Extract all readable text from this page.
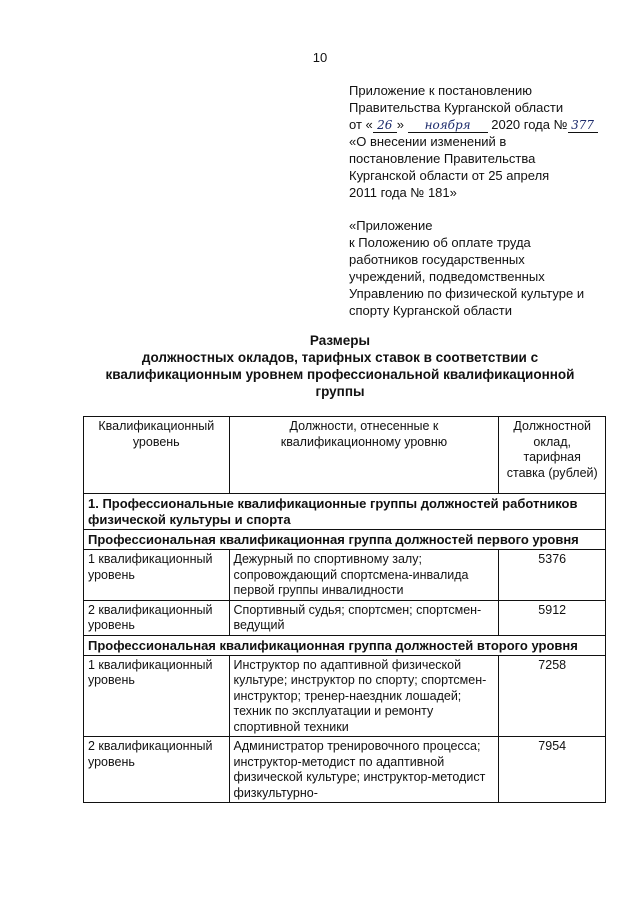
10
Приложение к постановлению
Правительства Курганской области
от « 26 » ноября 2020 года № 377
«О внесении изменений в
постановление Правительства
Курганской области от 25 апреля
2011 года № 181»
«Приложение
к Положению об оплате труда
работников государственных
учреждений, подведомственных
Управлению по физической культуре и
спорту Курганской области
Размеры
должностных окладов, тарифных ставок в соответствии с
квалификационным уровнем профессиональной квалификационной
группы
Квалификационный уровень	Должности, отнесенные к квалификационному уровню	Должностной оклад, тарифная ставка (рублей)
1. Профессиональные квалификационные группы должностей работников физической культуры и спорта		
Профессиональная квалификационная группа должностей первого уровня		
1 квалификационный уровень	Дежурный по спортивному залу; сопровождающий спортсмена-инвалида первой группы инвалидности	5376
2 квалификационный уровень	Спортивный судья; спортсмен; спортсмен-ведущий	5912
Профессиональная квалификационная группа должностей второго уровня		
1 квалификационный уровень	Инструктор по адаптивной физической культуре; инструктор по спорту; спортсмен-инструктор; тренер-наездник лошадей; техник по эксплуатации и ремонту спортивной техники	7258
2 квалификационный уровень	Администратор тренировочного процесса; инструктор-методист по адаптивной физической культуре; инструктор-методист физкультурно-	7954
